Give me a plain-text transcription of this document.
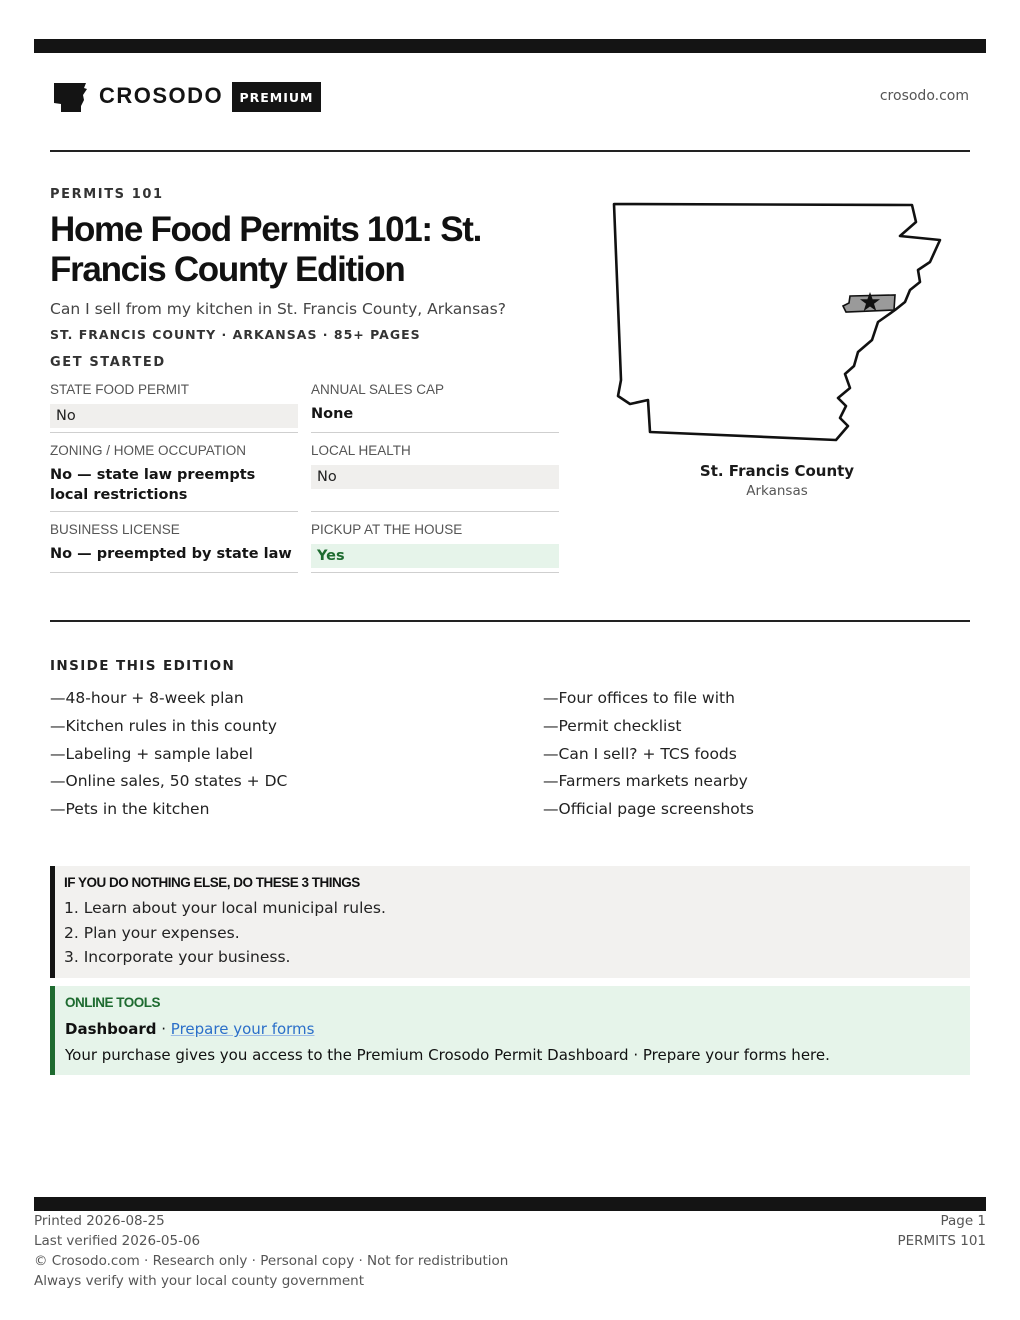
CROSODO	PREMIUM	crosodo.com
PERMITS 101
Home Food Permits 101: St. Francis County Edition
Can I sell from my kitchen in St. Francis County, Arkansas?
ST. FRANCIS COUNTY · ARKANSAS · 85+ PAGES
GET STARTED
STATE FOOD PERMIT
No
ANNUAL SALES CAP
None
ZONING / HOME OCCUPATION
No — state law preempts local restrictions
LOCAL HEALTH
No
BUSINESS LICENSE
No — preempted by state law
PICKUP AT THE HOUSE
Yes
St. Francis County
Arkansas
INSIDE THIS EDITION
—48-hour + 8-week plan
—Kitchen rules in this county
—Labeling + sample label
—Online sales, 50 states + DC
—Pets in the kitchen
—Four offices to file with
—Permit checklist
—Can I sell? + TCS foods
—Farmers markets nearby
—Official page screenshots
IF YOU DO NOTHING ELSE, DO THESE 3 THINGS
1. Learn about your local municipal rules.
2. Plan your expenses.
3. Incorporate your business.
ONLINE TOOLS
Dashboard · Prepare your forms
Your purchase gives you access to the Premium Crosodo Permit Dashboard · Prepare your forms here.
Printed 2026-08-25
Last verified 2026-05-06
© Crosodo.com · Research only · Personal copy · Not for redistribution
Always verify with your local county government
Page 1
PERMITS 101
